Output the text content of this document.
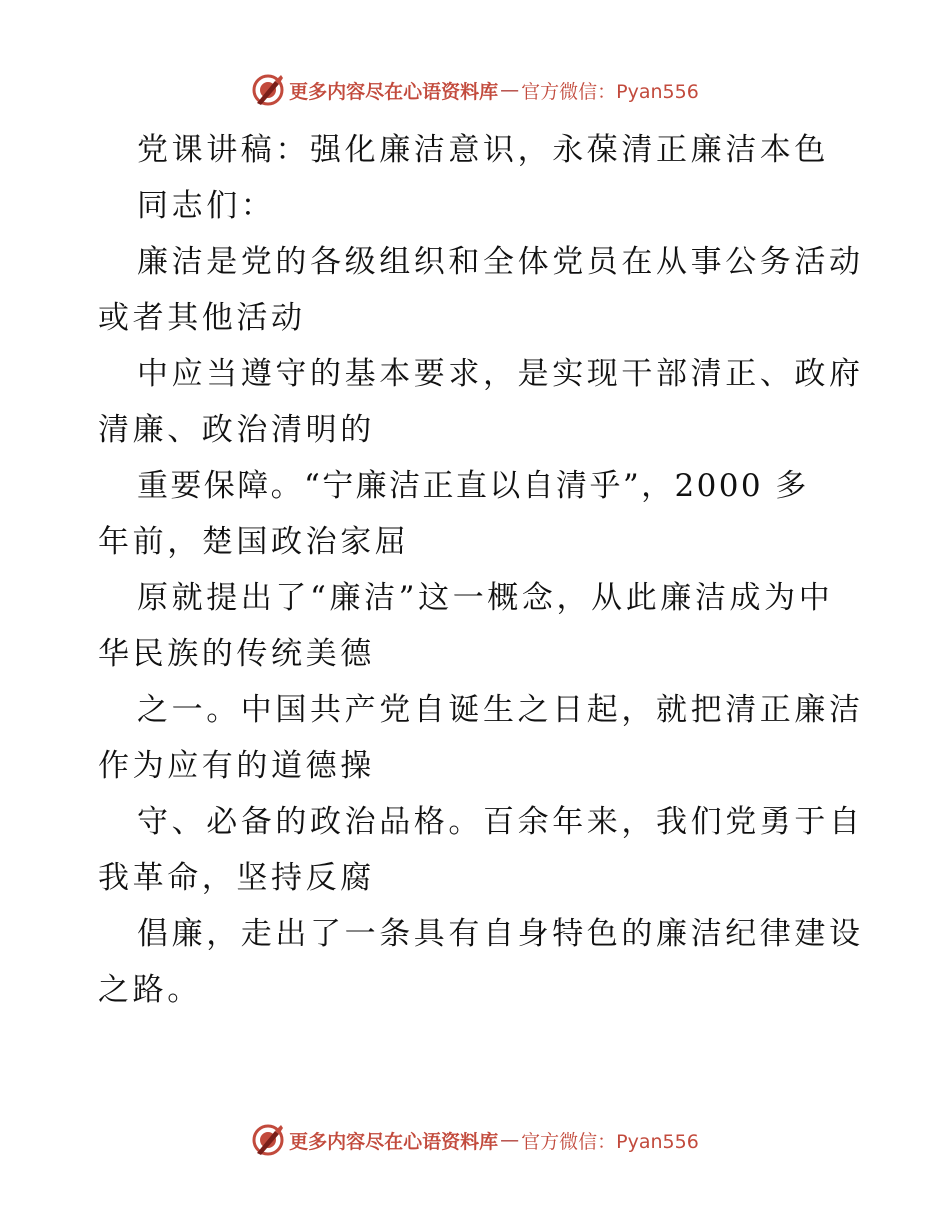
更多内容尽在心语资料库 — 官方微信：Pyan556
党课讲稿：强化廉洁意识，永葆清正廉洁本色
同志们：
廉洁是党的各级组织和全体党员在从事公务活动
或者其他活动
中应当遵守的基本要求，是实现干部清正、政府
清廉、政治清明的
重要保障。“宁廉洁正直以自清乎”，2000 多
年前，楚国政治家屈
原就提出了“廉洁”这一概念，从此廉洁成为中
华民族的传统美德
之一。中国共产党自诞生之日起，就把清正廉洁
作为应有的道德操
守、必备的政治品格。百余年来，我们党勇于自
我革命，坚持反腐
倡廉，走出了一条具有自身特色的廉洁纪律建设
之路。
更多内容尽在心语资料库 — 官方微信：Pyan556
